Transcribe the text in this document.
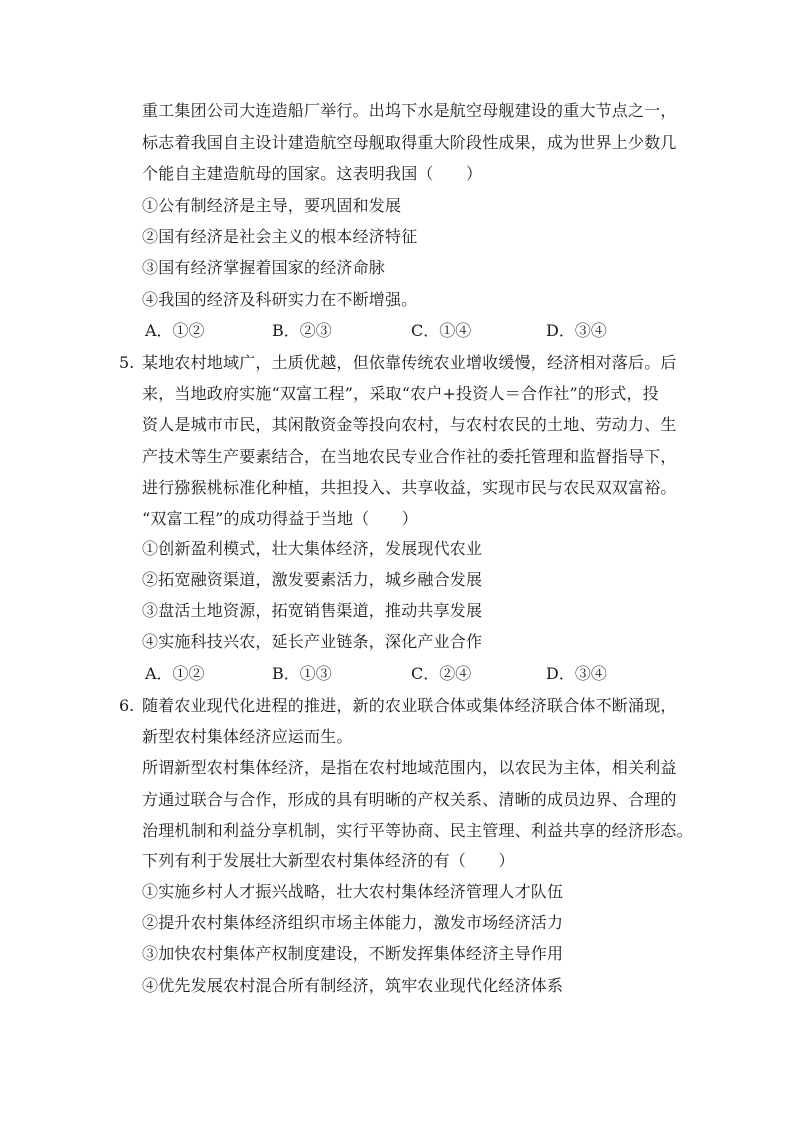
重工集团公司大连造船厂举行。出坞下水是航空母舰建设的重大节点之一，
标志着我国自主设计建造航空母舰取得重大阶段性成果，成为世界上少数几
个能自主建造航母的国家。这表明我国（　　）
①公有制经济是主导，要巩固和发展
②国有经济是社会主义的根本经济特征
③国有经济掌握着国家的经济命脉
④我国的经济及科研实力在不断增强。
A．①②	B．②③	C．①④	D．③④
5. 某地农村地域广，土质优越，但依靠传统农业增收缓慢，经济相对落后。后
来，当地政府实施“双富工程”，采取“农户+投资人＝合作社”的形式，投
资人是城市市民，其闲散资金等投向农村，与农村农民的土地、劳动力、生
产技术等生产要素结合，在当地农民专业合作社的委托管理和监督指导下，
进行猕猴桃标准化种植，共担投入、共享收益，实现市民与农民双双富裕。
“双富工程”的成功得益于当地（　　）
①创新盈利模式，壮大集体经济，发展现代农业
②拓宽融资渠道，激发要素活力，城乡融合发展
③盘活土地资源，拓宽销售渠道，推动共享发展
④实施科技兴农，延长产业链条，深化产业合作
A．①②	B．①③	C．②④	D．③④
6. 随着农业现代化进程的推进，新的农业联合体或集体经济联合体不断涌现，
新型农村集体经济应运而生。
所谓新型农村集体经济，是指在农村地域范围内，以农民为主体，相关利益
方通过联合与合作，形成的具有明晰的产权关系、清晰的成员边界、合理的
治理机制和利益分享机制，实行平等协商、民主管理、利益共享的经济形态。
下列有利于发展壮大新型农村集体经济的有（　　）
①实施乡村人才振兴战略，壮大农村集体经济管理人才队伍
②提升农村集体经济组织市场主体能力，激发市场经济活力
③加快农村集体产权制度建设，不断发挥集体经济主导作用
④优先发展农村混合所有制经济，筑牢农业现代化经济体系
